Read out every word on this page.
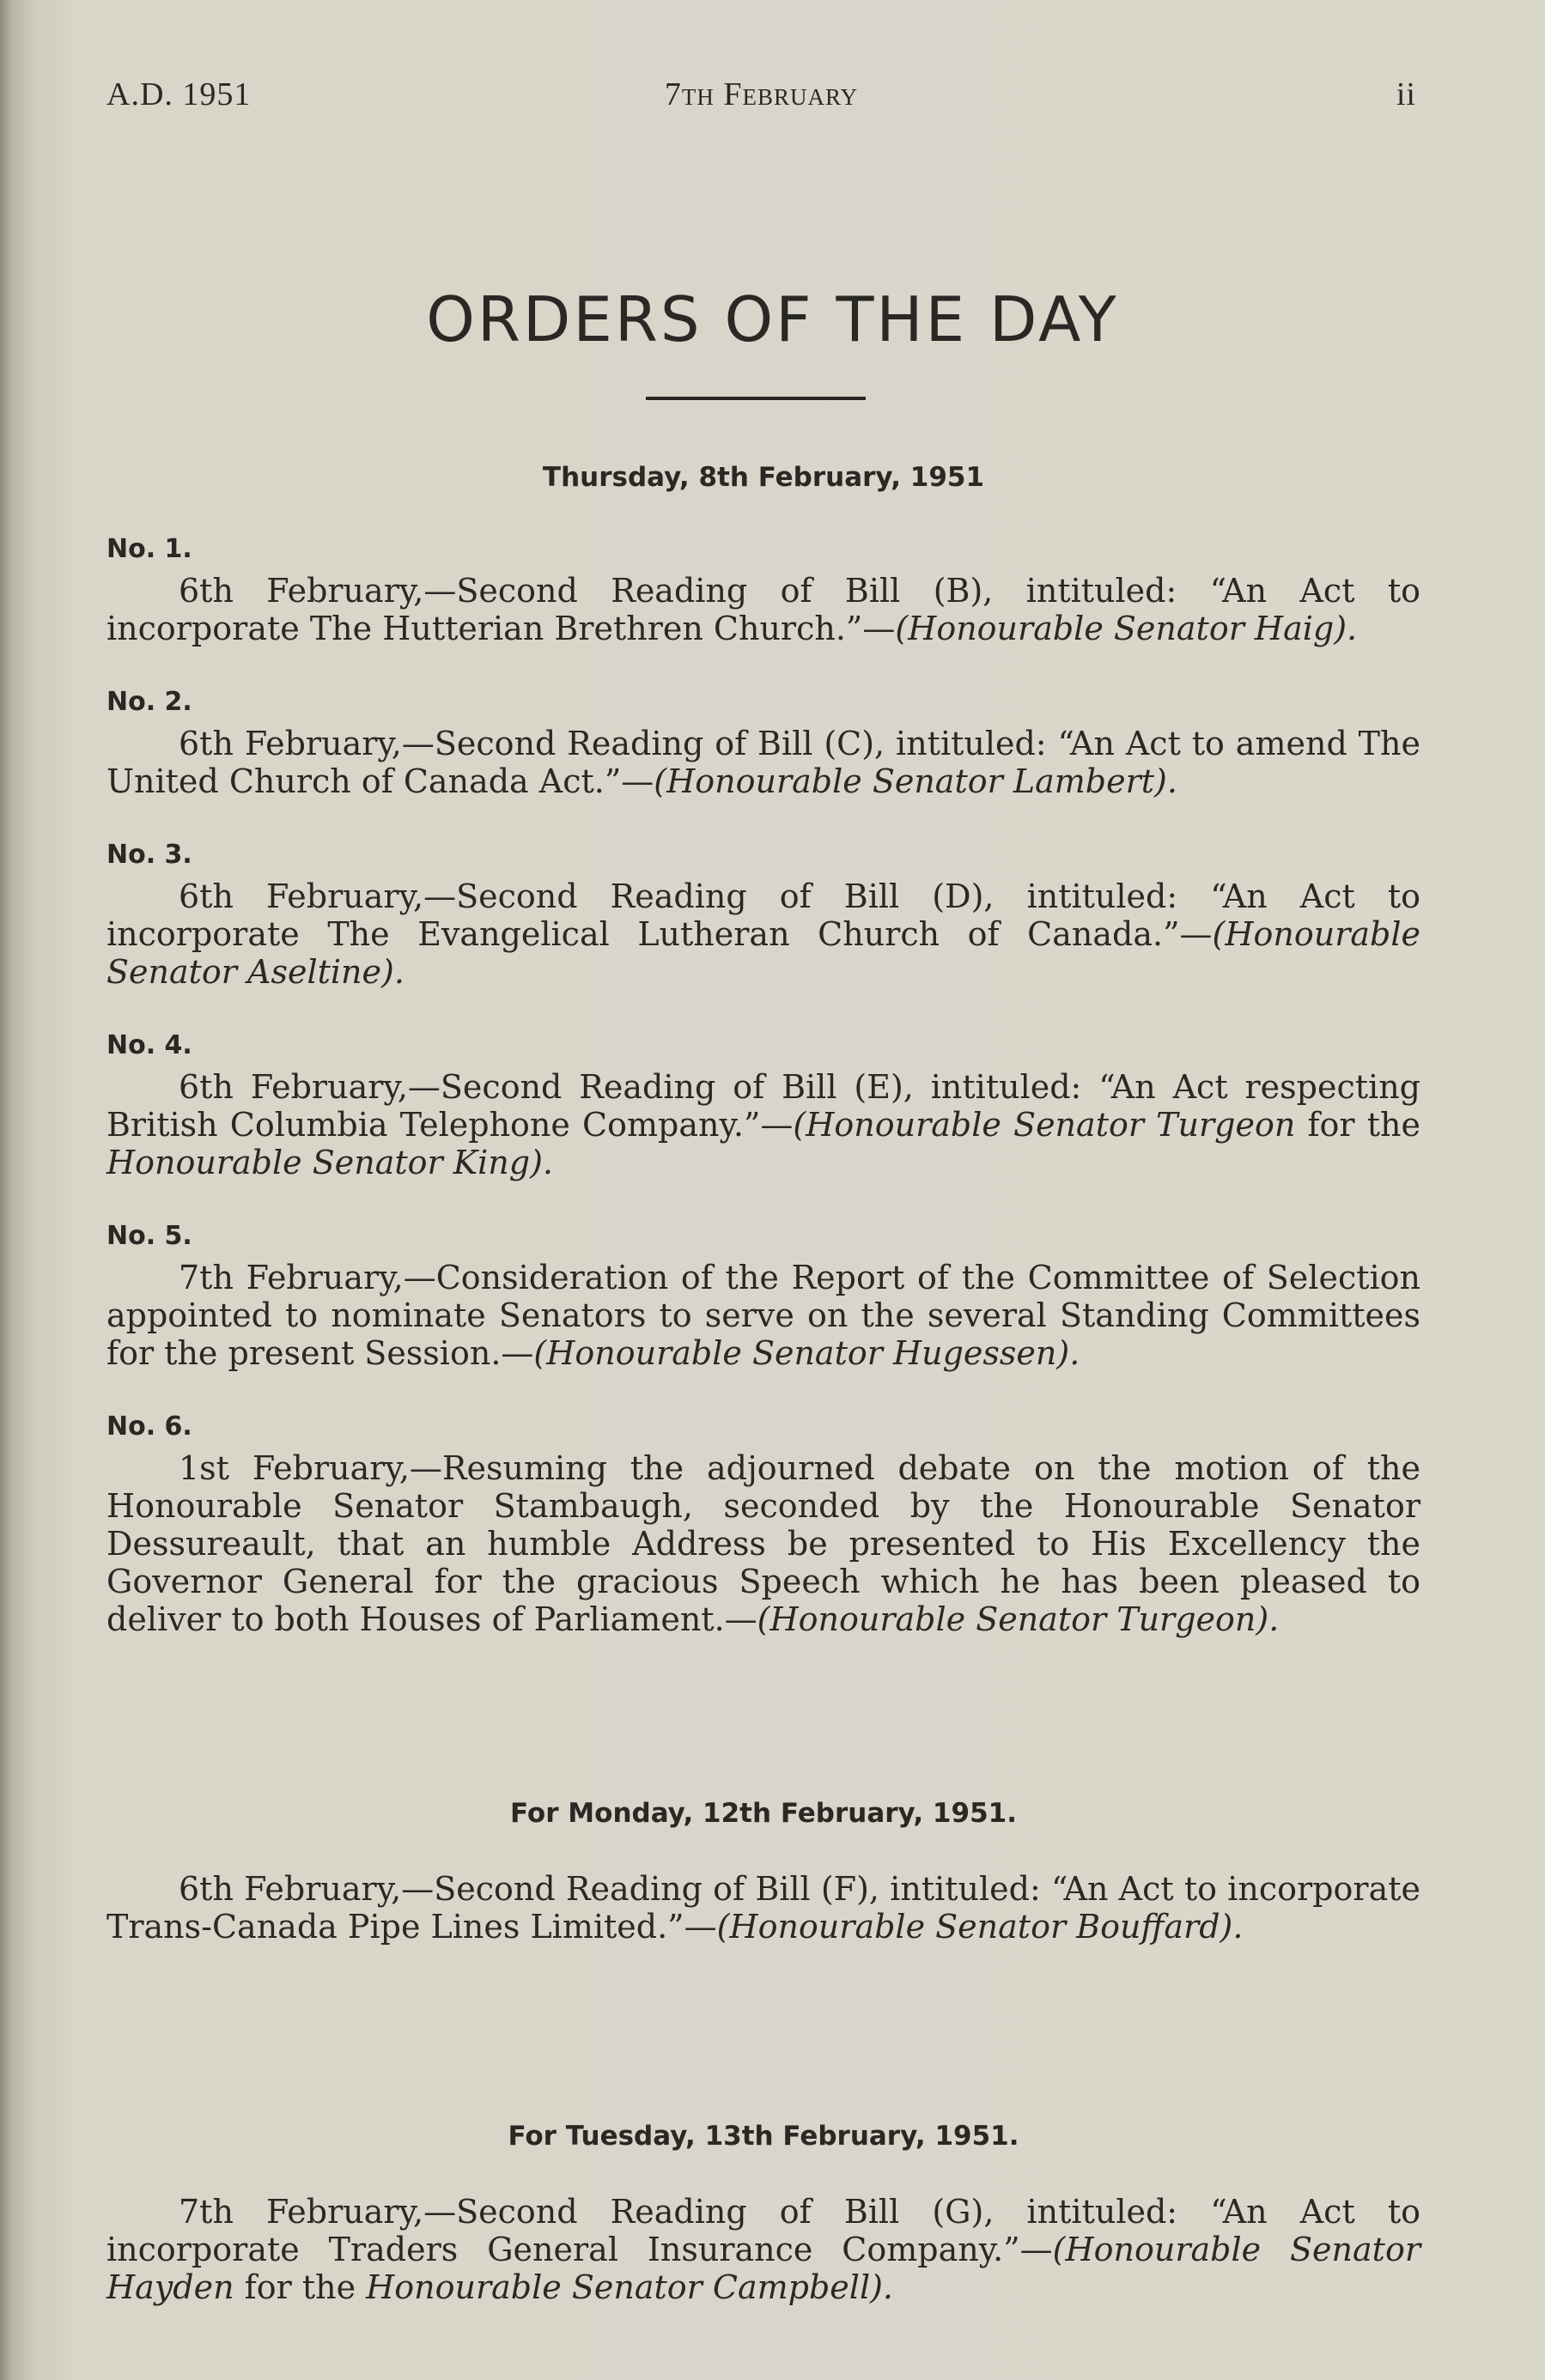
A.D. 1951	7th February	ii
ORDERS OF THE DAY

Thursday, 8th February, 1951

No. 1.

6th February,—Second Reading of Bill (B), intituled: “An Act to incorporate The Hutterian Brethren Church.”—(Honourable Senator Haig).

No. 2.

6th February,—Second Reading of Bill (C), intituled: “An Act to amend The United Church of Canada Act.”—(Honourable Senator Lambert).

No. 3.

6th February,—Second Reading of Bill (D), intituled: “An Act to incorporate The Evangelical Lutheran Church of Canada.”—(Honourable Senator Aseltine).

No. 4.

6th February,—Second Reading of Bill (E), intituled: “An Act respecting British Columbia Telephone Company.”—(Honourable Senator Turgeon for the Honourable Senator King).

No. 5.

7th February,—Consideration of the Report of the Committee of Selection appointed to nominate Senators to serve on the several Standing Committees for the present Session.—(Honourable Senator Hugessen).

No. 6.

1st February,—Resuming the adjourned debate on the motion of the Honourable Senator Stambaugh, seconded by the Honourable Senator Dessureault, that an humble Address be presented to His Excellency the Governor General for the gracious Speech which he has been pleased to deliver to both Houses of Parliament.—(Honourable Senator Turgeon).

For Monday, 12th February, 1951.

6th February,—Second Reading of Bill (F), intituled: “An Act to incorporate Trans-Canada Pipe Lines Limited.”—(Honourable Senator Bouffard).

For Tuesday, 13th February, 1951.

7th February,—Second Reading of Bill (G), intituled: “An Act to incorporate Traders General Insurance Company.”—(Honourable Senator Hayden for the Honourable Senator Campbell).
